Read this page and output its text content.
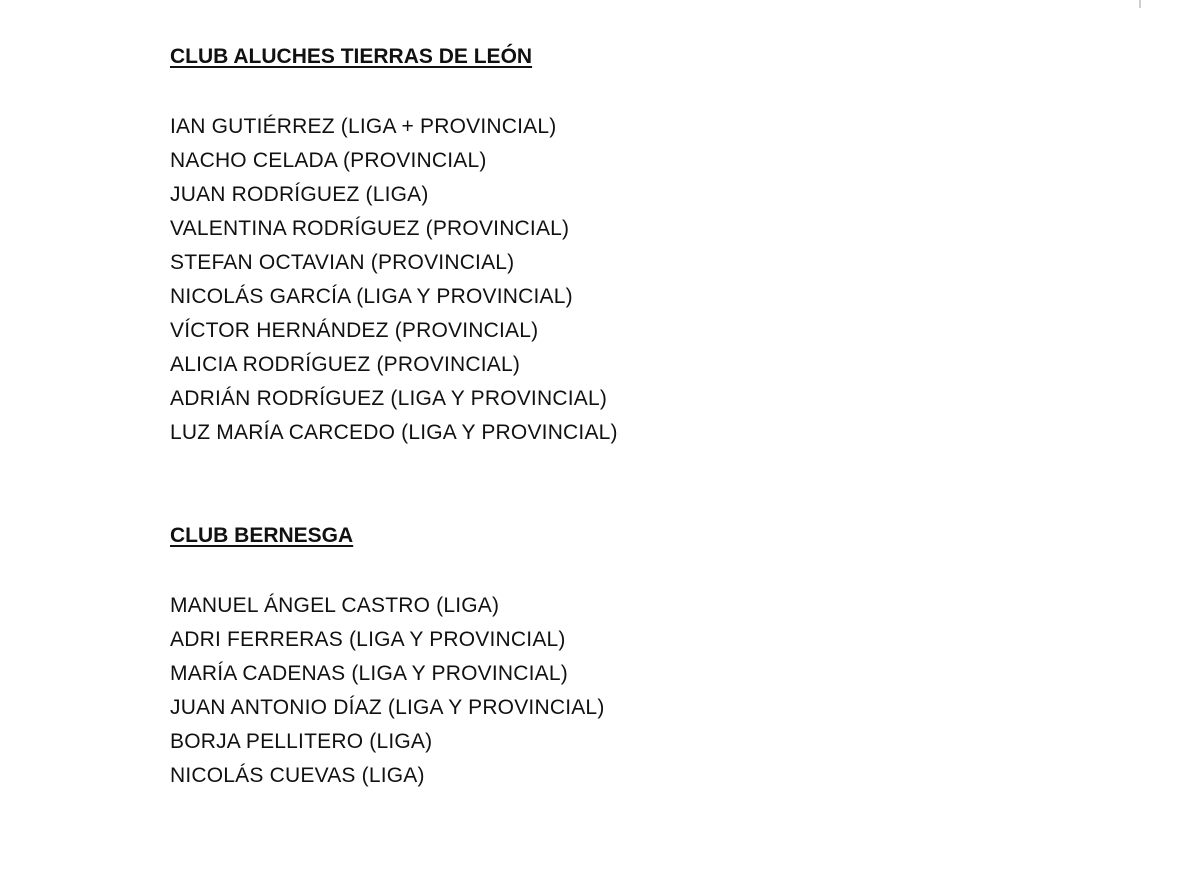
CLUB ALUCHES TIERRAS DE LEÓN
IAN GUTIÉRREZ (LIGA + PROVINCIAL)
NACHO CELADA (PROVINCIAL)
JUAN RODRÍGUEZ (LIGA)
VALENTINA RODRÍGUEZ (PROVINCIAL)
STEFAN OCTAVIAN (PROVINCIAL)
NICOLÁS GARCÍA (LIGA Y PROVINCIAL)
VÍCTOR HERNÁNDEZ (PROVINCIAL)
ALICIA RODRÍGUEZ (PROVINCIAL)
ADRIÁN RODRÍGUEZ (LIGA Y PROVINCIAL)
LUZ MARÍA CARCEDO (LIGA Y PROVINCIAL)
CLUB BERNESGA
MANUEL ÁNGEL CASTRO (LIGA)
ADRI FERRERAS (LIGA Y PROVINCIAL)
MARÍA CADENAS (LIGA Y PROVINCIAL)
JUAN ANTONIO DÍAZ (LIGA Y PROVINCIAL)
BORJA PELLITERO (LIGA)
NICOLÁS CUEVAS (LIGA)
